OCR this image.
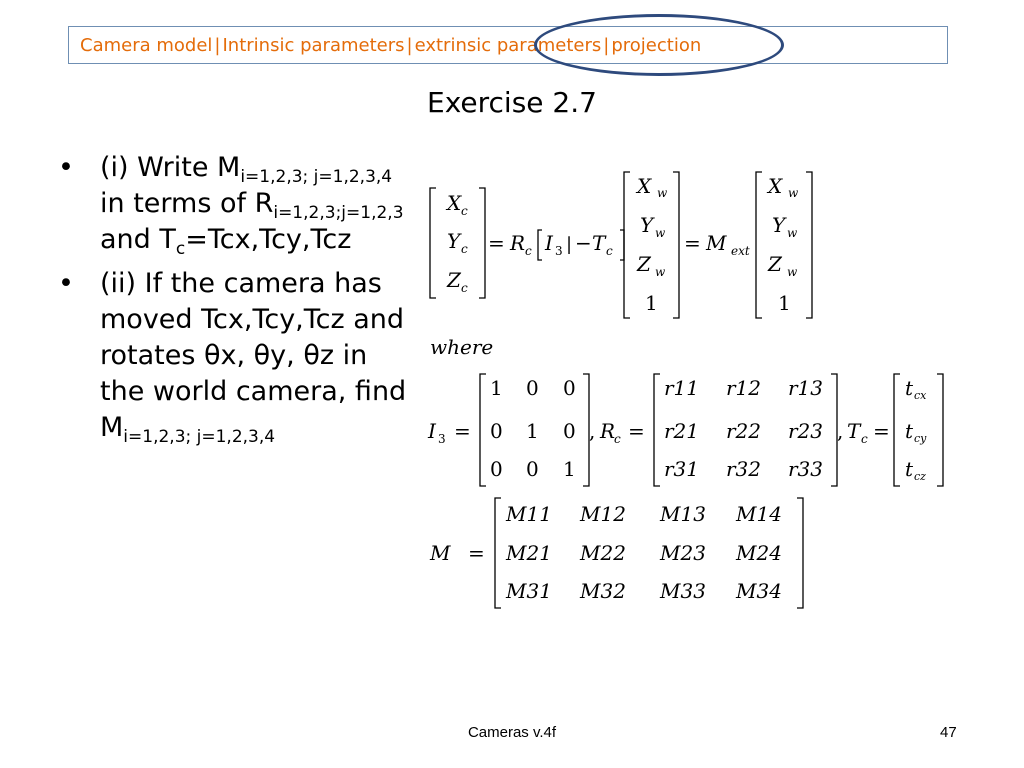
Camera model | Intrinsic parameters | extrinsic parameters | projection
Exercise 2.7
• (i) Write $M_{i=1,2,3; j=1,2,3,4}$ in terms of $R_{i=1,2,3;j=1,2,3}$ and $T_c=Tcx,Tcy,Tcz$
• (ii) If the camera has moved Tcx,Tcy,Tcz and rotates θx, θy, θz in the world camera, find $M_{i=1,2,3; j=1,2,3,4}$
X
Y
Z
c
c
c
= R c I 3 | − T c
X
Y
Z
1
w
w
w
= M ext
X
Y
Z
1
w
w
w
where
I 3 =
1 0 0
0 1 0
0 0 1
, R
c =
r11 r12 r13
r21 r22 r23
r31 r32 r33
, T c =
t
t
t
cx
cy
cz
M =
M11 M12 M13 M14
M21 M22 M23 M24
M31 M32 M33 M34
Cameras v.4f	47
